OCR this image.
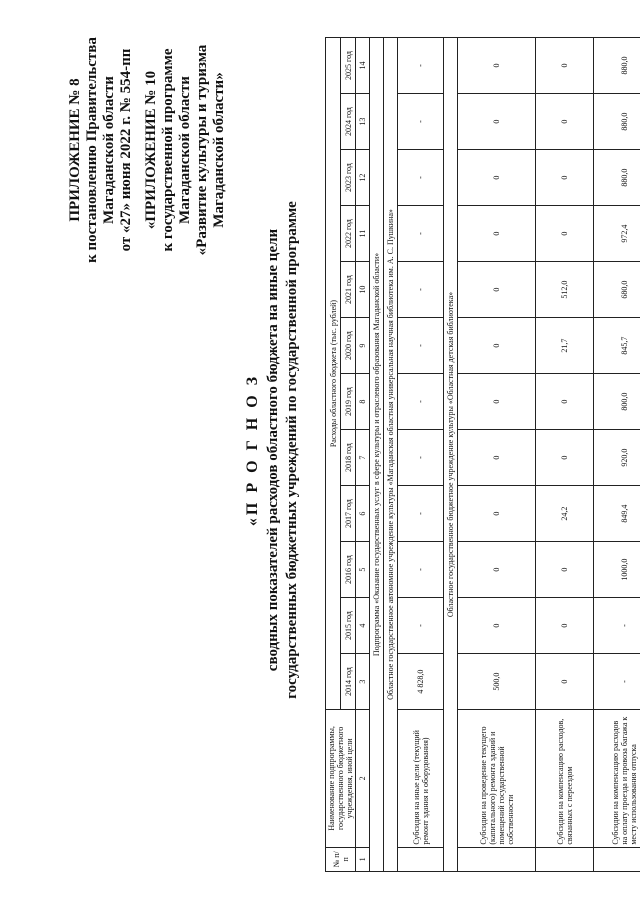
ПРИЛОЖЕНИЕ № 8 к постановлению Правительства Магаданской области от «27» июня 2022 г. № 554-пп «ПРИЛОЖЕНИЕ № 10 к государственной программе Магаданской области «Развитие культуры и туризма Магаданской области»
«П Р О Г Н О З сводных показателей расходов областного бюджета на иные цели государственных бюджетных учреждений по государственной программе
№ п/п	Наименование подпрограммы, государственного бюджетного учреждения, иной цели	Расходы областного бюджета (тыс. рублей)											
		2014 год	2015 год	2016 год	2017 год	2018 год	2019 год	2020 год	2021 год	2022 год	2023 год	2024 год	2025 год
1	2	3	4	5	6	7	8	9	10	11	12	13	14
Подпрограмма «Оказание государственных услуг в сфере культуры и отраслевого образования Магаданской области»													
Областное государственное автономное учреждение культуры «Магаданская областная универсальная научная библиотека им. А. С. Пушкина»													
	Субсидия на иные цели (текущий ремонт здания и оборудования)	4 828,0	-	-	-	-	-	-	-	-	-	-	-
Областное государственное бюджетное учреждение культуры «Областная детская библиотека»													
	Субсидии на проведение текущего (капитального) ремонта зданий и помещений государственной собственности	500,0	0	0	0	0	0	0	0	0	0	0	0
	Субсидии на компенсацию расходов, связанных с переездом	0	0	0	24,2	0	0	21,7	512,0	0	0	0	0
	Субсидии на компенсацию расходов на оплату проезда и провоза багажа к месту использования отпуска	-	-	1000,0	849,4	920,0	800,0	845,7	680,0	972,4	880,0	880,0	880,0
